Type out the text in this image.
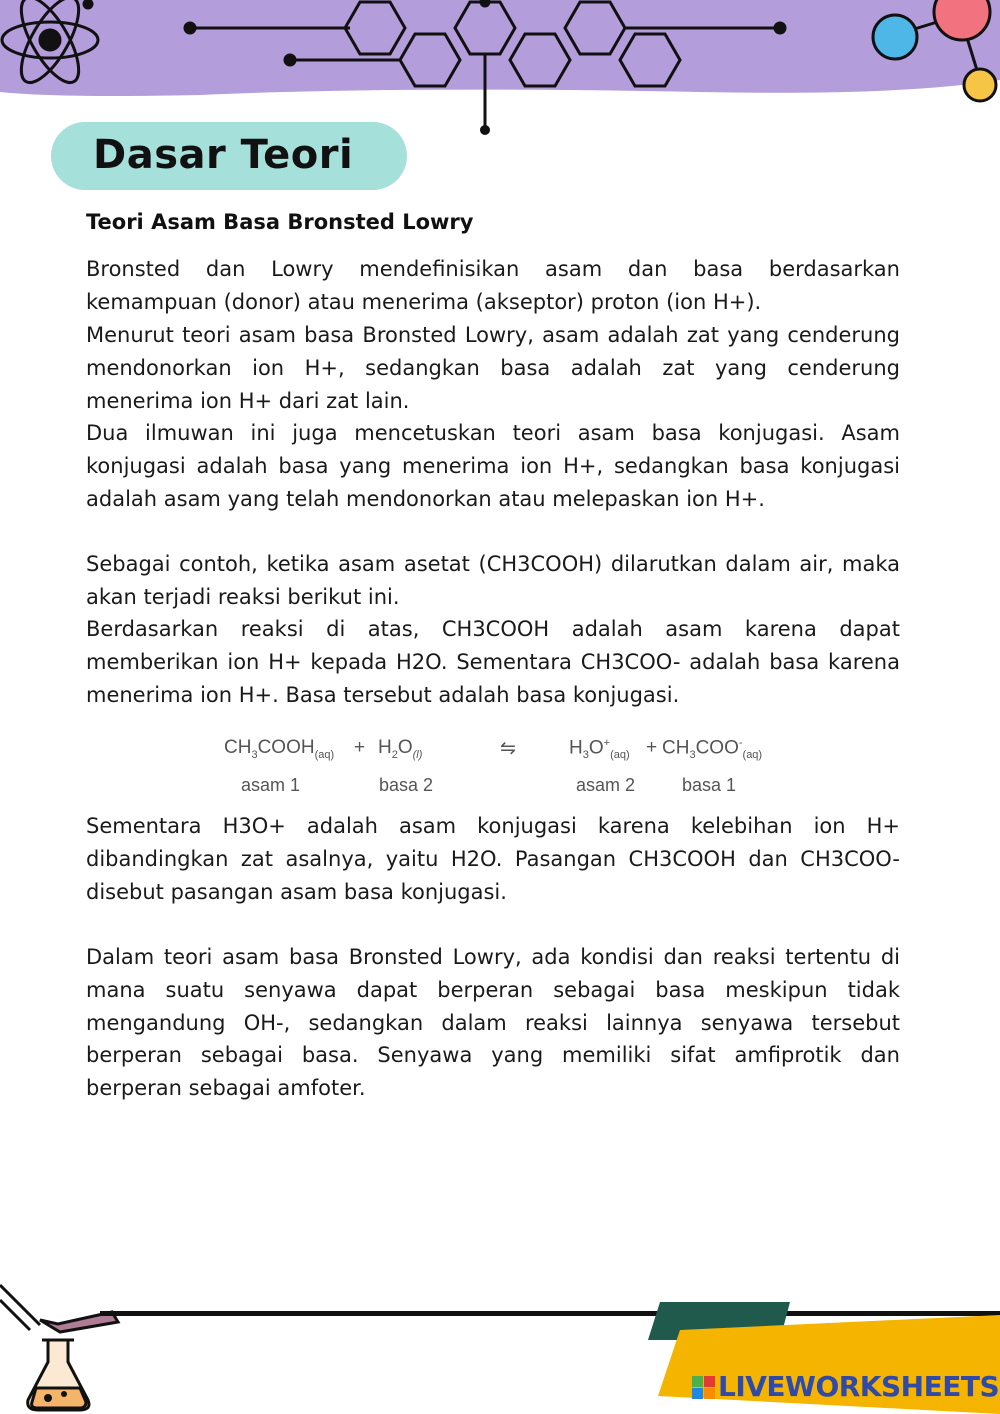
Dasar Teori
Teori Asam Basa Bronsted Lowry

Bronsted dan Lowry mendefinisikan asam dan basa berdasarkan kemampuan (donor) atau menerima (akseptor) proton (ion H+).

Menurut teori asam basa Bronsted Lowry, asam adalah zat yang cenderung mendonorkan ion H+, sedangkan basa adalah zat yang cenderung menerima ion H+ dari zat lain.

Dua ilmuwan ini juga mencetuskan teori asam basa konjugasi. Asam konjugasi adalah basa yang menerima ion H+, sedangkan basa konjugasi adalah asam yang telah mendonorkan atau melepaskan ion H+.

Sebagai contoh, ketika asam asetat (CH3COOH) dilarutkan dalam air, maka akan terjadi reaksi berikut ini.

Berdasarkan reaksi di atas, CH3COOH adalah asam karena dapat memberikan ion H+ kepada H2O. Sementara CH3COO- adalah basa karena menerima ion H+. Basa tersebut adalah basa konjugasi.

$CH_3COOH_{(aq)} + H_2O_{(l)}$	⇋	$H_3O^+_{(aq)} + CH_3COO^-_{(aq)}$
asam 1	basa 2	asam 2	basa 1

Sementara H3O+ adalah asam konjugasi karena kelebihan ion H+ dibandingkan zat asalnya, yaitu H2O. Pasangan CH3COOH dan CH3COO- disebut pasangan asam basa konjugasi.

Dalam teori asam basa Bronsted Lowry, ada kondisi dan reaksi tertentu di mana suatu senyawa dapat berperan sebagai basa meskipun tidak mengandung OH-, sedangkan dalam reaksi lainnya senyawa tersebut berperan sebagai basa. Senyawa yang memiliki sifat amfiprotik dan berperan sebagai amfoter.

LIVEWORKSHEETS
